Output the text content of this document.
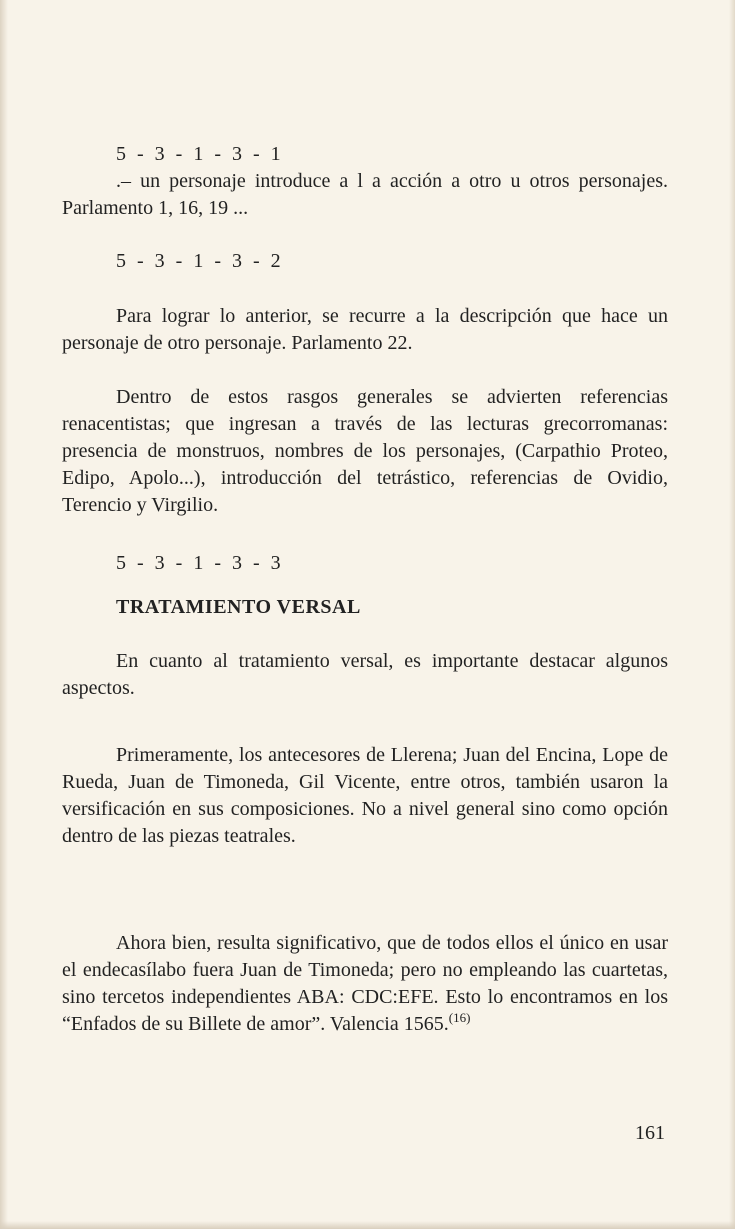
5 - 3 - 1 - 3 - 1

.– un personaje introduce a l a acción a otro u otros personajes. Parlamento 1, 16, 19 ...

5 - 3 - 1 - 3 - 2

Para lograr lo anterior, se recurre a la descripción que hace un personaje de otro personaje. Parlamento 22.

Dentro de estos rasgos generales se advierten referencias renacentistas; que ingresan a través de las lecturas grecorromanas: presencia de monstruos, nombres de los personajes, (Carpathio Proteo, Edipo, Apolo...), introducción del tetrástico, referencias de Ovidio, Terencio y Virgilio.

5 - 3 - 1 - 3 - 3

TRATAMIENTO VERSAL

En cuanto al tratamiento versal, es importante destacar algunos aspectos.

Primeramente, los antecesores de Llerena; Juan del Encina, Lope de Rueda, Juan de Timoneda, Gil Vicente, entre otros, también usaron la versificación en sus composiciones. No a nivel general sino como opción dentro de las piezas teatrales.

Ahora bien, resulta significativo, que de todos ellos el único en usar el endecasílabo fuera Juan de Timoneda; pero no empleando las cuartetas, sino tercetos independientes ABA: CDC:EFE. Esto lo encontramos en los “Enfados de su Billete de amor”. Valencia 1565.$^{(16)}$

161
